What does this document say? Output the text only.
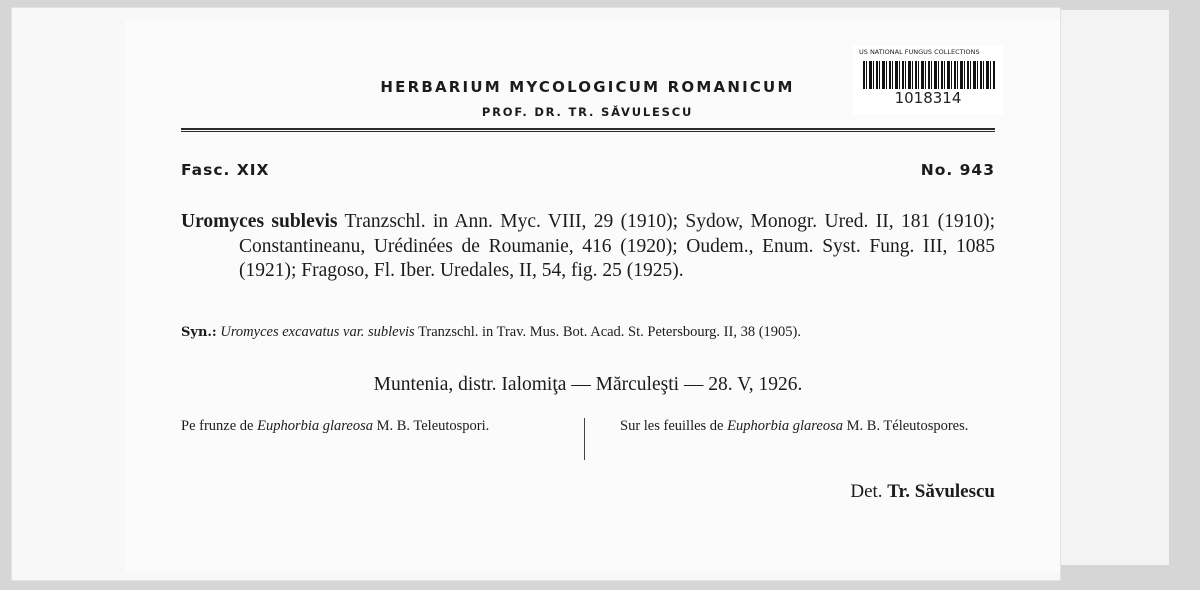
HERBARIUM MYCOLOGICUM ROMANICUM
PROF. DR. TR. SĂVULESCU
US NATIONAL FUNGUS COLLECTIONS
1018314
Fasc. XIX	No. 943
Uromyces sublevis Tranzschl. in Ann. Myc. VIII, 29 (1910); Sydow, Monogr. Ured. II, 181 (1910); Constantineanu, Urédinées de Roumanie, 416 (1920); Oudem., Enum. Syst. Fung. III, 1085 (1921); Fragoso, Fl. Iber. Uredales, II, 54, fig. 25 (1925).
Syn.: Uromyces excavatus var. sublevis Tranzschl. in Trav. Mus. Bot. Acad. St. Petersbourg. II, 38 (1905).
Muntenia, distr. Ialomiţa — Mărculeşti — 28. V, 1926.
Pe frunze de Euphorbia glareosa M. B. Teleutospori.	Sur les feuilles de Euphorbia glareosa M. B. Téleutospores.
Det. Tr. Săvulescu
